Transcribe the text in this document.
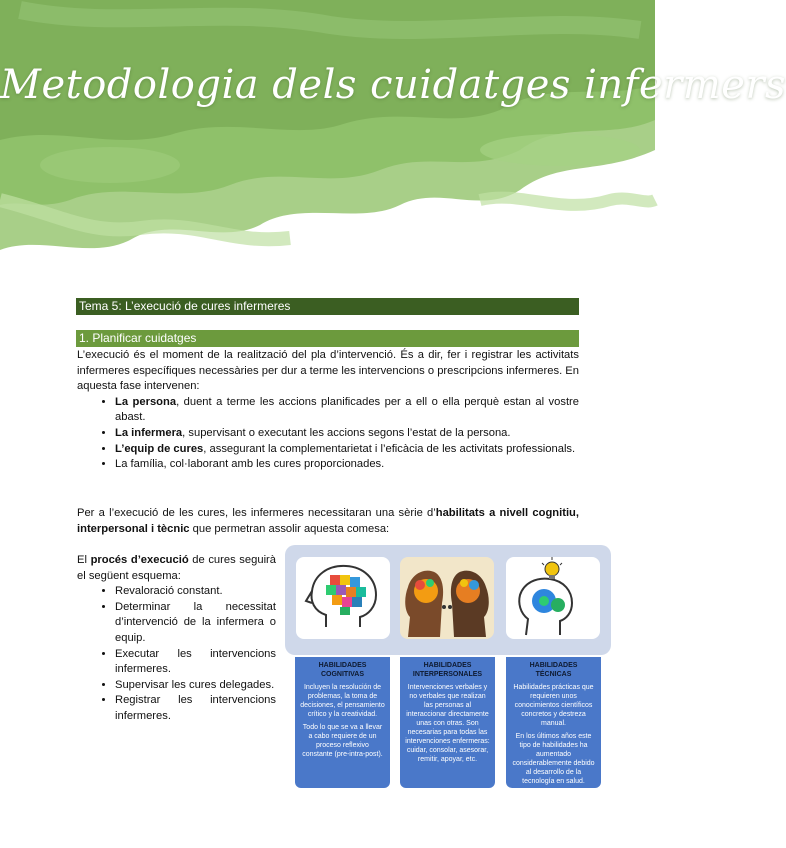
Metodologia dels cuidatges infermers
Tema 5: L’execució de cures infermeres
1. Planificar cuidatges
L’execució és el moment de la realització del pla d’intervenció. És a dir, fer i registrar les activitats infermeres específiques necessàries per dur a terme les intervencions o prescripcions infermeres. En aquesta fase intervenen:
• La persona, duent a terme les accions planificades per a ell o ella perquè estan al vostre abast.
• La infermera, supervisant o executant les accions segons l’estat de la persona.
• L’equip de cures, assegurant la complementarietat i l’eficàcia de les activitats professionals.
• La família, col·laborant amb les cures proporcionades.
Per a l’execució de les cures, les infermeres necessitaran una sèrie d’habilitats a nivell cognitiu, interpersonal i tècnic que permetran assolir aquesta comesa:
El procés d’execució de cures seguirà el següent esquema:
• Revaloració constant.
• Determinar la necessitat d’intervenció de la infermera o equip.
• Executar les intervencions infermeres.
• Supervisar les cures delegades.
• Registrar les intervencions infermeres.
HABILIDADES COGNITIVAS

Incluyen la resolución de problemas, la toma de decisiones, el pensamiento crítico y la creatividad.

Todo lo que se va a llevar a cabo requiere de un proceso reflexivo constante (pre-intra-post).

HABILIDADES INTERPERSONALES

Intervenciones verbales y no verbales que realizan las personas al interaccionar directamente unas con otras. Son necesarias para todas las intervenciones enfermeras: cuidar, consolar, asesorar, remitir, apoyar, etc.

HABILIDADES TÉCNICAS

Habilidades prácticas que requieren unos conocimientos científicos concretos y destreza manual.

En los últimos años este tipo de habilidades ha aumentado considerablemente debido al desarrollo de la tecnología en salud.
